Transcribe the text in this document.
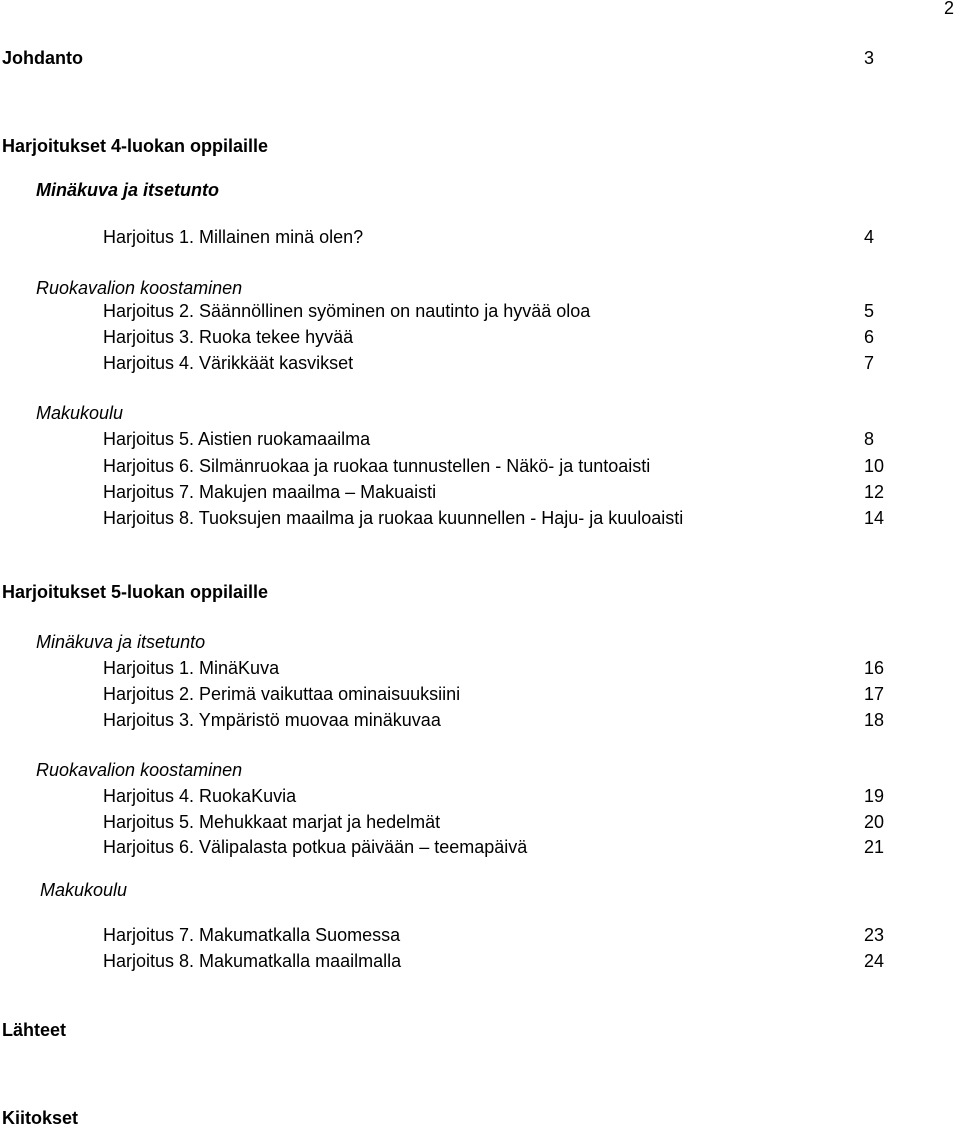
2
Johdanto	3
Harjoitukset 4-luokan oppilaille
Minäkuva ja itsetunto
Harjoitus 1. Millainen minä olen?	4
Ruokavalion koostaminen
Harjoitus 2. Säännöllinen syöminen on nautinto ja hyvää oloa	5
Harjoitus 3. Ruoka tekee hyvää	6
Harjoitus 4. Värikkäät kasvikset	7
Makukoulu
Harjoitus 5. Aistien ruokamaailma	8
Harjoitus 6. Silmänruokaa ja ruokaa tunnustellen - Näkö- ja tuntoaisti	10
Harjoitus 7. Makujen maailma – Makuaisti	12
Harjoitus 8. Tuoksujen maailma ja ruokaa kuunnellen - Haju- ja kuuloaisti	14
Harjoitukset 5-luokan oppilaille
Minäkuva ja itsetunto
Harjoitus 1. MinäKuva	16
Harjoitus 2. Perimä vaikuttaa ominaisuuksiini	17
Harjoitus 3. Ympäristö muovaa minäkuvaa	18
Ruokavalion koostaminen
Harjoitus 4. RuokaKuvia	19
Harjoitus 5. Mehukkaat marjat ja hedelmät	20
Harjoitus 6. Välipalasta potkua päivään – teemapäivä	21
Makukoulu
Harjoitus 7. Makumatkalla Suomessa	23
Harjoitus 8. Makumatkalla maailmalla	24
Lähteet
Kiitokset
